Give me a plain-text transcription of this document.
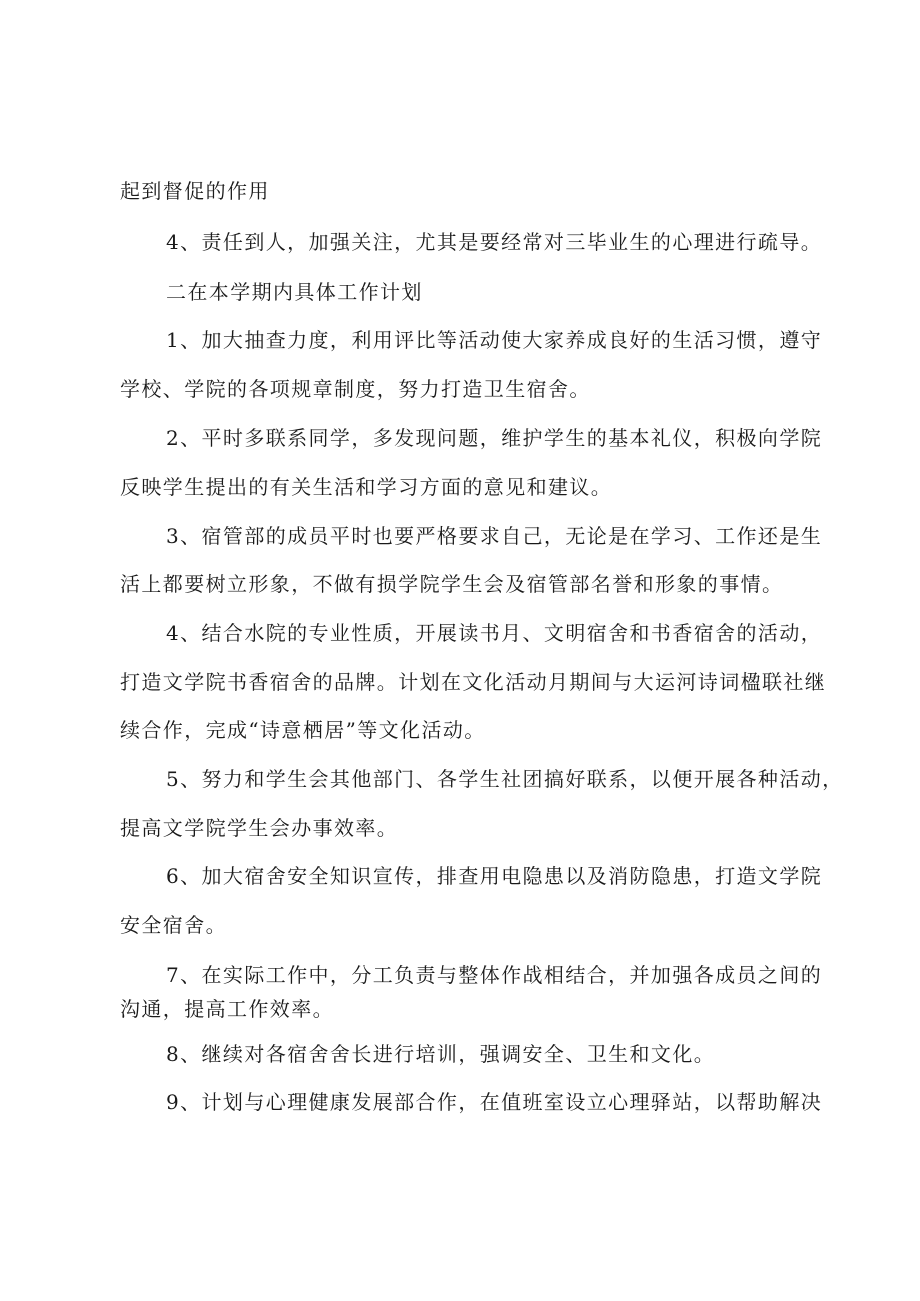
起到督促的作用
4、责任到人，加强关注，尤其是要经常对三毕业生的心理进行疏导。
二在本学期内具体工作计划
1、加大抽查力度，利用评比等活动使大家养成良好的生活习惯，遵守
学校、学院的各项规章制度，努力打造卫生宿舍。
2、平时多联系同学，多发现问题，维护学生的基本礼仪，积极向学院
反映学生提出的有关生活和学习方面的意见和建议。
3、宿管部的成员平时也要严格要求自己，无论是在学习、工作还是生
活上都要树立形象，不做有损学院学生会及宿管部名誉和形象的事情。
4、结合水院的专业性质，开展读书月、文明宿舍和书香宿舍的活动，
打造文学院书香宿舍的品牌。计划在文化活动月期间与大运河诗词楹联社继
续合作，完成“诗意栖居”等文化活动。
5、努力和学生会其他部门、各学生社团搞好联系，以便开展各种活动，
提高文学院学生会办事效率。
6、加大宿舍安全知识宣传，排查用电隐患以及消防隐患，打造文学院
安全宿舍。
7、在实际工作中，分工负责与整体作战相结合，并加强各成员之间的
沟通，提高工作效率。
8、继续对各宿舍舍长进行培训，强调安全、卫生和文化。
9、计划与心理健康发展部合作，在值班室设立心理驿站，以帮助解决
